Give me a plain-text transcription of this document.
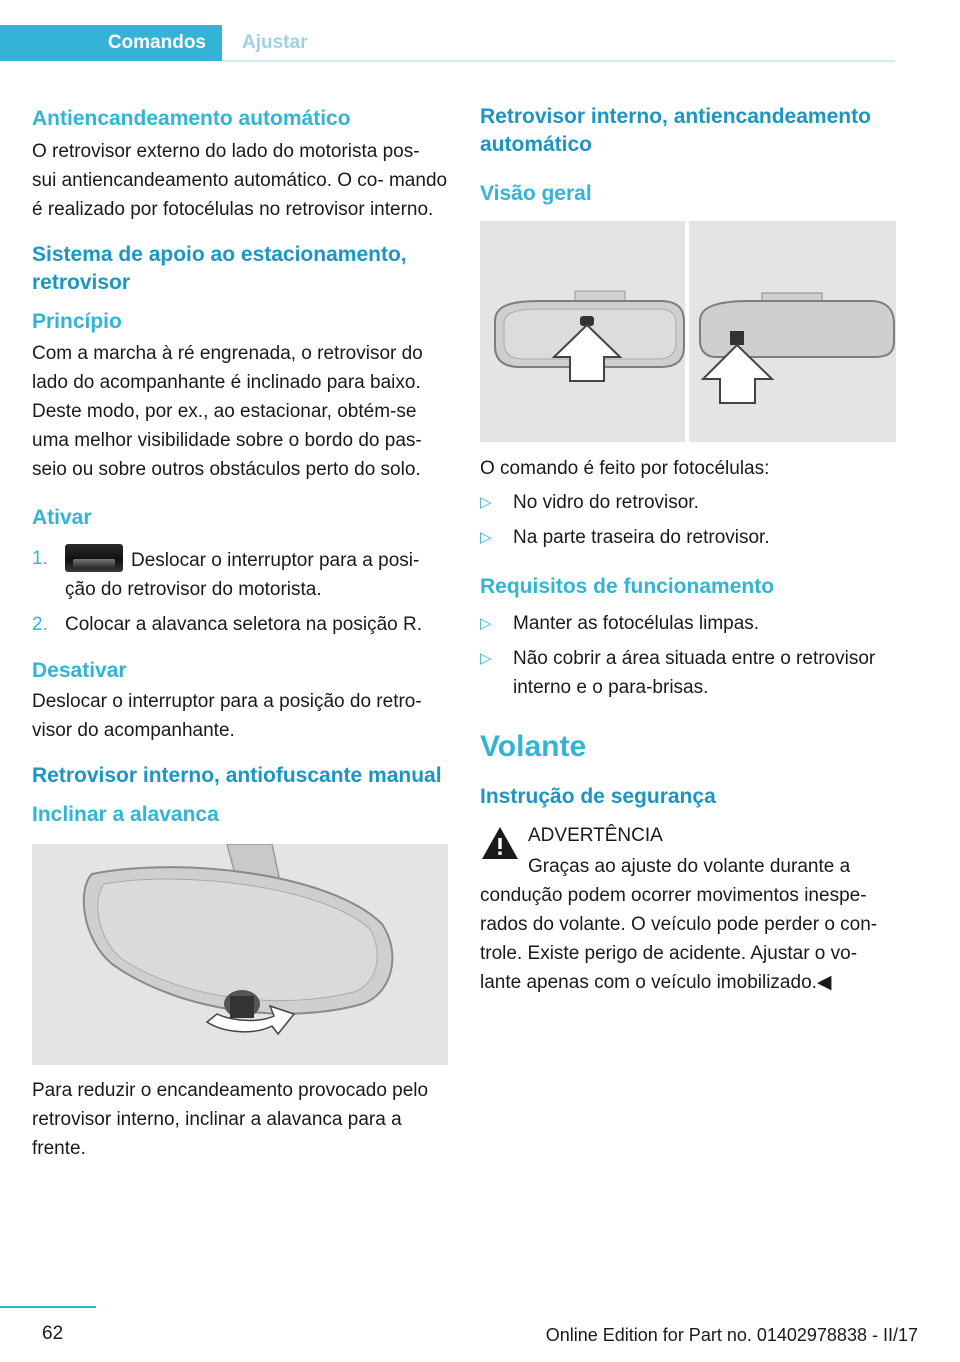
Comandos Ajustar
Antiencandeamento automático

O retrovisor externo do lado do motorista pos‐ sui antiencandeamento automático. O co‐ mando é realizado por fotocélulas no retrovisor interno.

Sistema de apoio ao estacionamento, retrovisor
Princípio

Com a marcha à ré engrenada, o retrovisor do lado do acompanhante é inclinado para baixo. Deste modo, por ex., ao estacionar, obtém-se uma melhor visibilidade sobre o bordo do pas‐ seio ou sobre outros obstáculos perto do solo.

Ativar
1.	Deslocar o interruptor para a posi‐ ção do retrovisor do motorista.
2. Colocar a alavanca seletora na posição R.
Desativar

Deslocar o interruptor para a posição do retro‐ visor do acompanhante.

Retrovisor interno, antiofuscante manual
Inclinar a alavanca

Para reduzir o encandeamento provocado pelo retrovisor interno, inclinar a alavanca para a frente.

Retrovisor interno, antiencandeamento automático
Visão geral

O comando é feito por fotocélulas:

▷ No vidro do retrovisor.
▷ Na parte traseira do retrovisor.
Requisitos de funcionamento
▷ Manter as fotocélulas limpas.
▷ Não cobrir a área situada entre o retrovisor interno e o para-brisas.
Volante
Instrução de segurança

ADVERTÊNCIA

Graças ao ajuste do volante durante a condução podem ocorrer movimentos inespe‐ rados do volante. O veículo pode perder o con‐ trole. Existe perigo de acidente. Ajustar o vo‐ lante apenas com o veículo imobilizado.◀

62	Online Edition for Part no. 01402978838 - II/17
